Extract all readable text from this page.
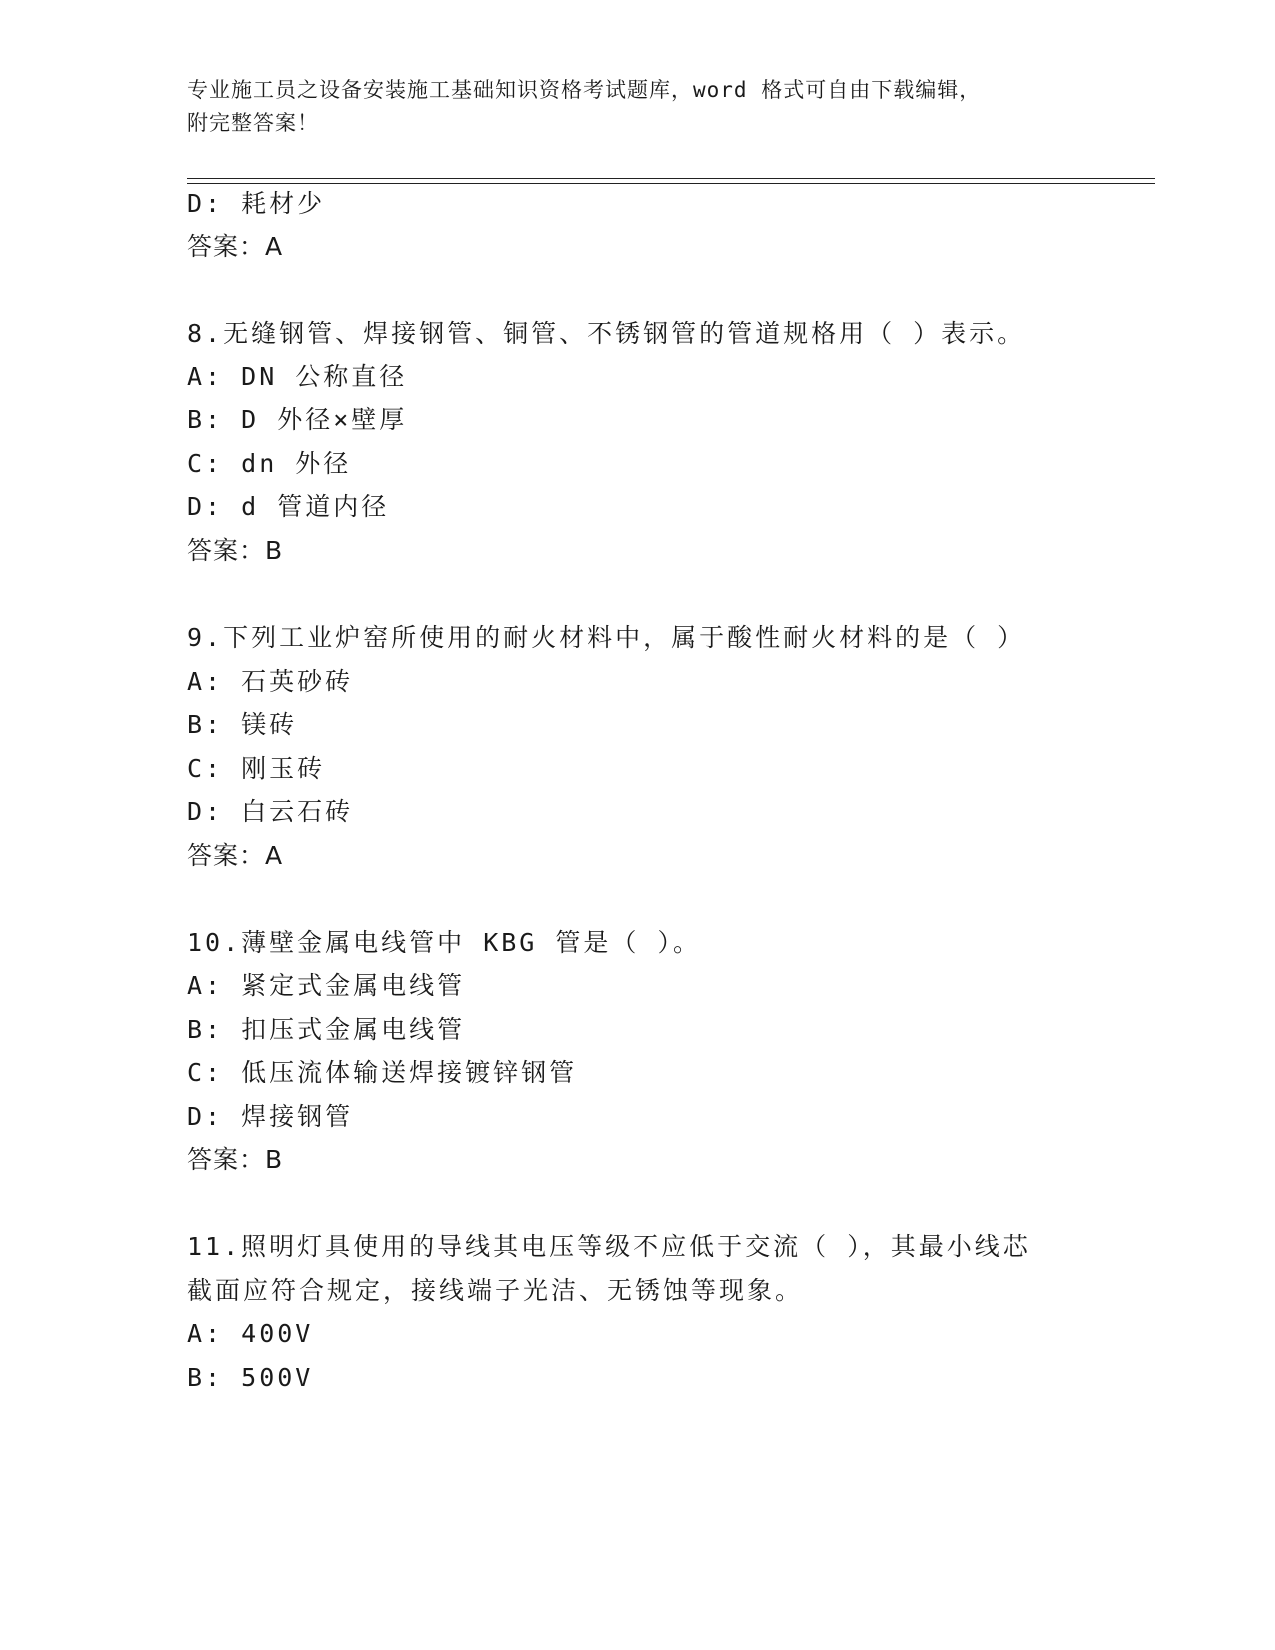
专业施工员之设备安装施工基础知识资格考试题库，word 格式可自由下载编辑，
附完整答案！
D: 耗材少
答案：A
8.无缝钢管、焊接钢管、铜管、不锈钢管的管道规格用（ ）表示。
A: DN 公称直径
B: D 外径×壁厚
C: dn 外径
D: d 管道内径
答案：B
9.下列工业炉窑所使用的耐火材料中，属于酸性耐火材料的是（ ）
A: 石英砂砖
B: 镁砖
C: 刚玉砖
D: 白云石砖
答案：A
10.薄壁金属电线管中 KBG 管是（ ）。
A: 紧定式金属电线管
B: 扣压式金属电线管
C: 低压流体输送焊接镀锌钢管
D: 焊接钢管
答案：B
11.照明灯具使用的导线其电压等级不应低于交流（ ），其最小线芯
截面应符合规定，接线端子光洁、无锈蚀等现象。
A: 400V
B: 500V
